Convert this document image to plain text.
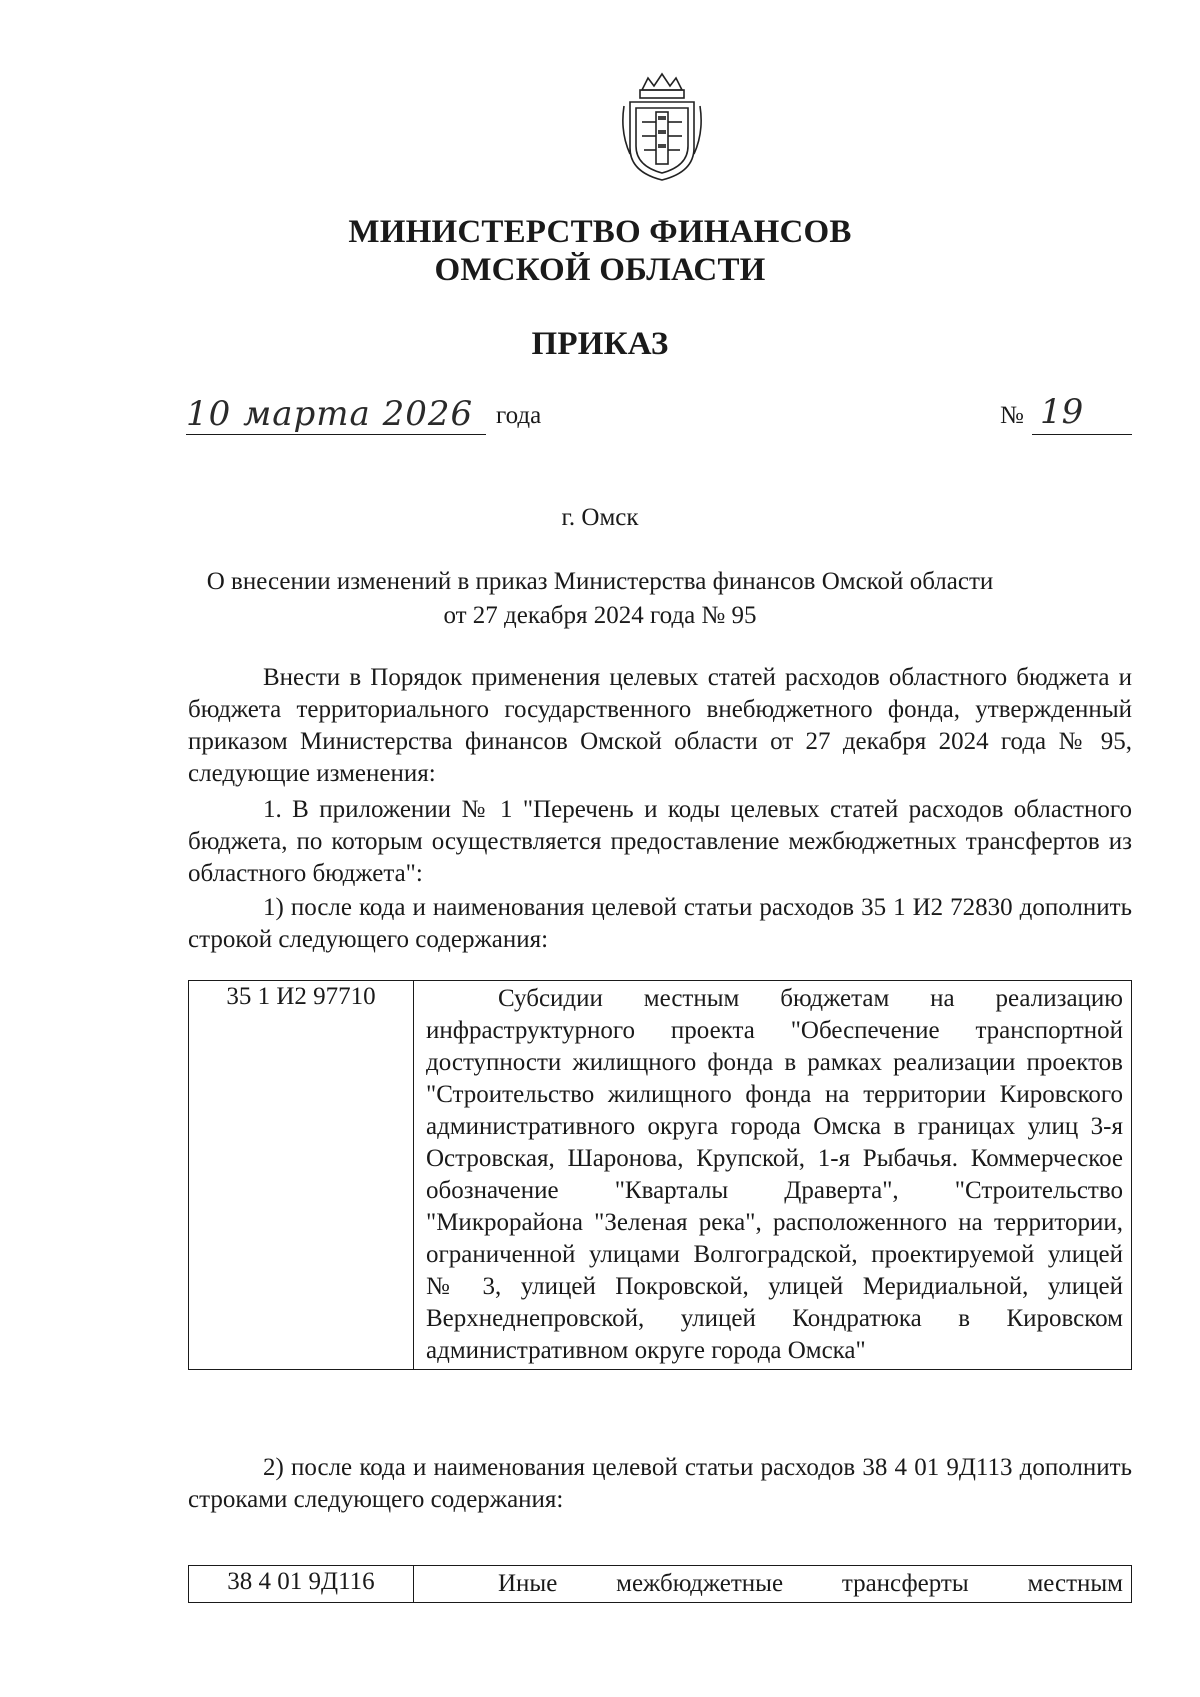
МИНИСТЕРСТВО ФИНАНСОВ
ОМСКОЙ ОБЛАСТИ
ПРИКАЗ
10 марта 2026 года	№ 19
г. Омск
О внесении изменений в приказ Министерства финансов Омской области
от 27 декабря 2024 года № 95
Внести в Порядок применения целевых статей расходов областного бюджета и бюджета территориального государственного внебюджетного фонда, утвержденный приказом Министерства финансов Омской области от 27 декабря 2024 года № 95, следующие изменения:
1. В приложении № 1 "Перечень и коды целевых статей расходов областного бюджета, по которым осуществляется предоставление межбюджетных трансфертов из областного бюджета":
1) после кода и наименования целевой статьи расходов 35 1 И2 72830 дополнить строкой следующего содержания:
35 1 И2 97710	Субсидии местным бюджетам на реализацию инфраструктурного проекта "Обеспечение транспортной доступности жилищного фонда в рамках реализации проектов "Строительство жилищного фонда на территории Кировского административного округа города Омска в границах улиц 3-я Островская, Шаронова, Крупской, 1-я Рыбачья. Коммерческое обозначение "Кварталы Драверта", "Строительство "Микрорайона "Зеленая река", расположенного на территории, ограниченной улицами Волгоградской, проектируемой улицей № 3, улицей Покровской, улицей Меридиальной, улицей Верхнеднепровской, улицей Кондратюка в Кировском административном округе города Омска"
2) после кода и наименования целевой статьи расходов 38 4 01 9Д113 дополнить строками следующего содержания:
38 4 01 9Д116	Иные межбюджетные трансферты местным
